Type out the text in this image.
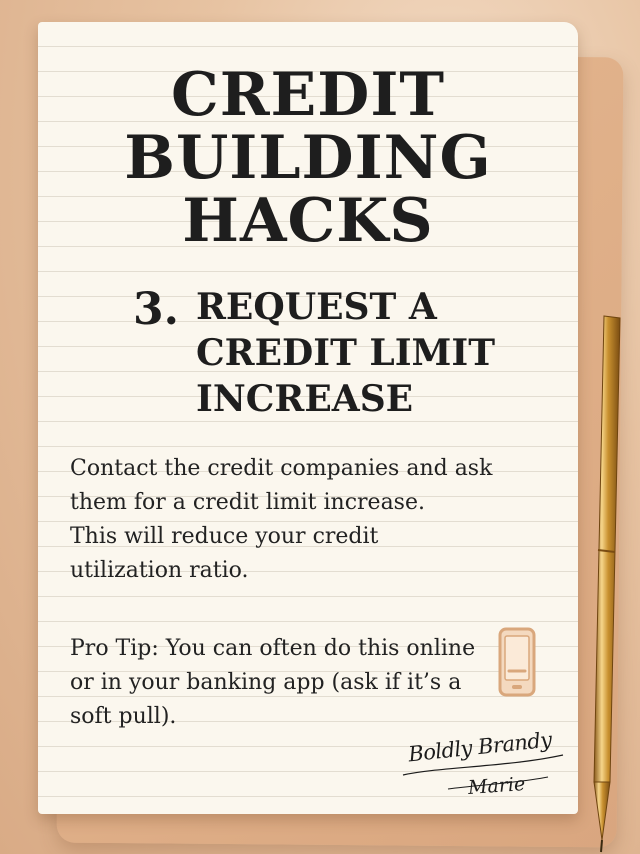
CREDIT
BUILDING
HACKS
3. REQUEST A
CREDIT LIMIT
INCREASE

Contact the credit companies and ask
them for a credit limit increase.
This will reduce your credit
utilization ratio.

Pro Tip: You can often do this online
or in your banking app (ask if it’s a
soft pull).

Boldly Brandy
Marie
